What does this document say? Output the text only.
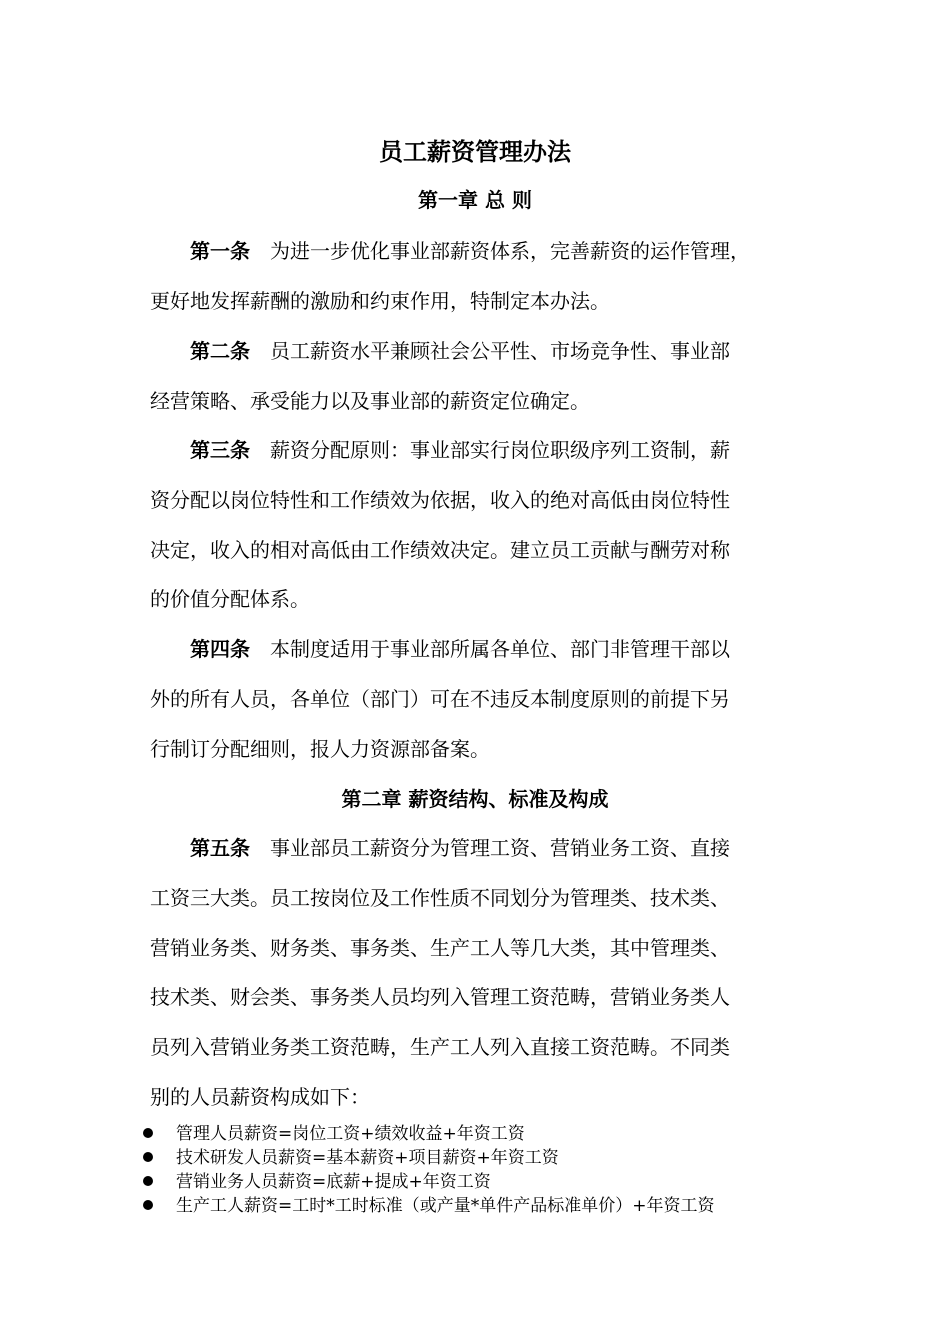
员工薪资管理办法
第一章 总 则
第一条 为进一步优化事业部薪资体系，完善薪资的运作管理，
更好地发挥薪酬的激励和约束作用，特制定本办法。
第二条 员工薪资水平兼顾社会公平性、市场竞争性、事业部
经营策略、承受能力以及事业部的薪资定位确定。
第三条 薪资分配原则：事业部实行岗位职级序列工资制，薪
资分配以岗位特性和工作绩效为依据，收入的绝对高低由岗位特性
决定，收入的相对高低由工作绩效决定。建立员工贡献与酬劳对称
的价值分配体系。
第四条 本制度适用于事业部所属各单位、部门非管理干部以
外的所有人员，各单位（部门）可在不违反本制度原则的前提下另
行制订分配细则，报人力资源部备案。
第二章 薪资结构、标准及构成
第五条 事业部员工薪资分为管理工资、营销业务工资、直接
工资三大类。员工按岗位及工作性质不同划分为管理类、技术类、
营销业务类、财务类、事务类、生产工人等几大类，其中管理类、
技术类、财会类、事务类人员均列入管理工资范畴，营销业务类人
员列入营销业务类工资范畴，生产工人列入直接工资范畴。不同类
别的人员薪资构成如下：
管理人员薪资=岗位工资+绩效收益+年资工资
技术研发人员薪资=基本薪资+项目薪资+年资工资
营销业务人员薪资=底薪+提成+年资工资
生产工人薪资=工时*工时标准（或产量*单件产品标准单价）+年资工资
